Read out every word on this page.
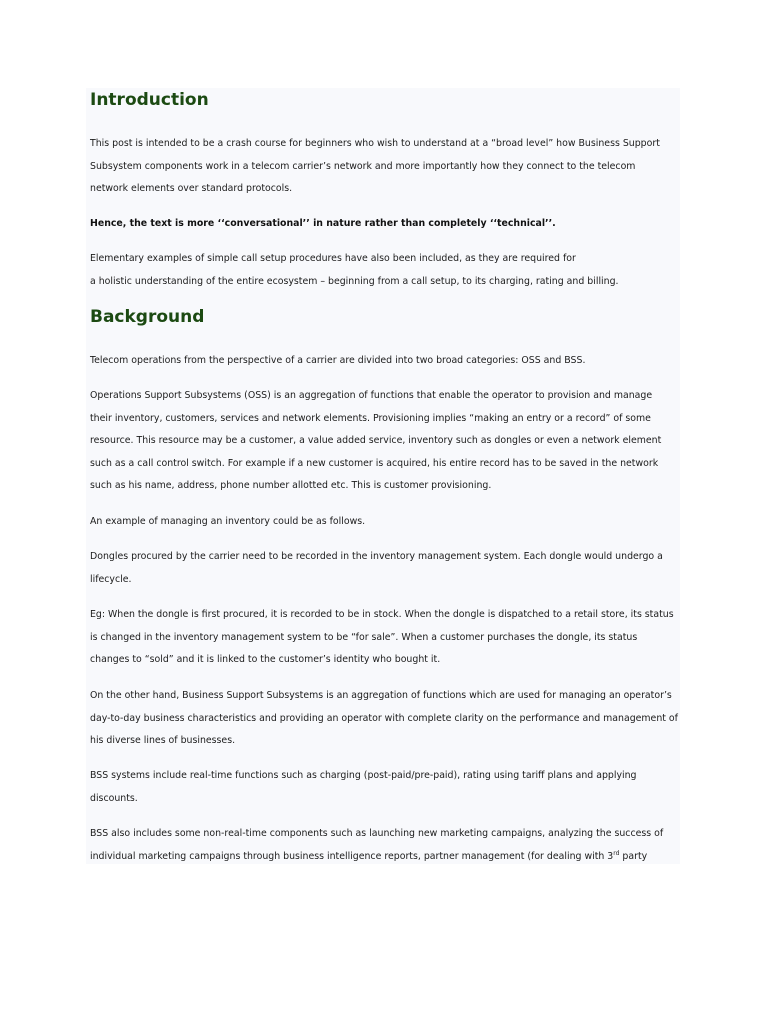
Introduction

This post is intended to be a crash course for beginners who wish to understand at a “broad level” how Business Support Subsystem components work in a telecom carrier’s network and more importantly how they connect to the telecom network elements over standard protocols.

Hence, the text is more ‘‘conversational’’ in nature rather than completely ‘‘technical’’.

Elementary examples of simple call setup procedures have also been included, as they are required for

a holistic understanding of the entire ecosystem – beginning from a call setup, to its charging, rating and billing.

Background

Telecom operations from the perspective of a carrier are divided into two broad categories: OSS and BSS.

Operations Support Subsystems (OSS) is an aggregation of functions that enable the operator to provision and manage their inventory, customers, services and network elements. Provisioning implies “making an entry or a record” of some resource. This resource may be a customer, a value added service, inventory such as dongles or even a network element such as a call control switch. For example if a new customer is acquired, his entire record has to be saved in the network such as his name, address, phone number allotted etc. This is customer provisioning.

An example of managing an inventory could be as follows.

Dongles procured by the carrier need to be recorded in the inventory management system. Each dongle would undergo a lifecycle.

Eg: When the dongle is first procured, it is recorded to be in stock. When the dongle is dispatched to a retail store, its status is changed in the inventory management system to be “for sale”. When a customer purchases the dongle, its status changes to “sold” and it is linked to the customer’s identity who bought it.

On the other hand, Business Support Subsystems is an aggregation of functions which are used for managing an operator’s day-to-day business characteristics and providing an operator with complete clarity on the performance and management of his diverse lines of businesses.

BSS systems include real-time functions such as charging (post-paid/pre-paid), rating using tariff plans and applying discounts.

BSS also includes some non-real-time components such as launching new marketing campaigns, analyzing the success of individual marketing campaigns through business intelligence reports, partner management (for dealing with 3rd party
